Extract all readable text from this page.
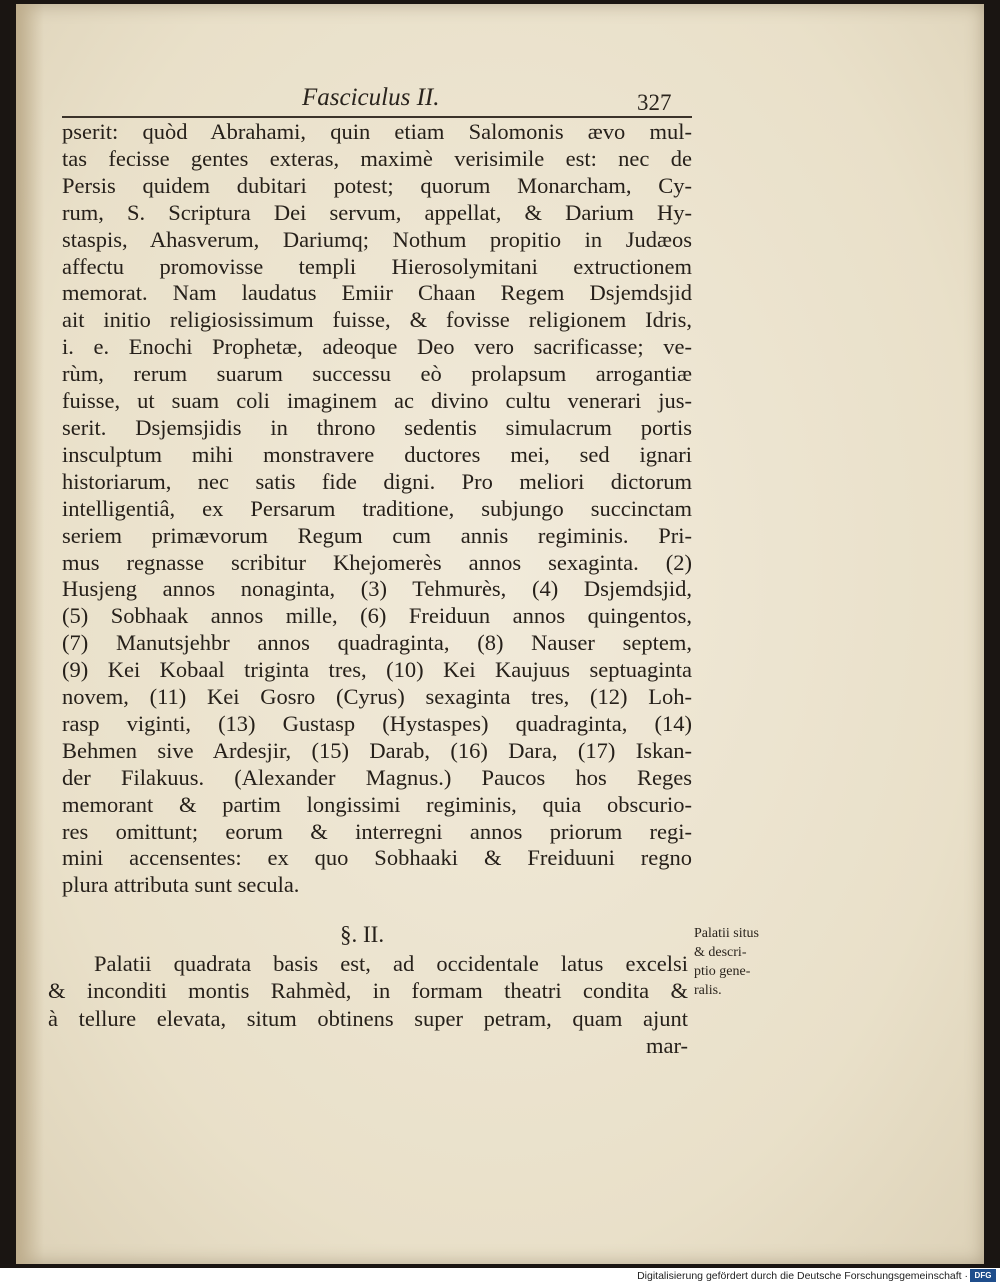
Fasciculus II.	327
pserit: quòd Abrahami, quin etiam Salomonis ævo mul-
tas fecisse gentes exteras, maximè verisimile est: nec de
Persis quidem dubitari potest; quorum Monarcham, Cy-
rum, S. Scriptura Dei servum, appellat, & Darium Hy-
staspis, Ahasverum, Dariumq; Nothum propitio in Judæos
affectu promovisse templi Hierosolymitani extructionem
memorat. Nam laudatus Emiir Chaan Regem Dsjemdsjid
ait initio religiosissimum fuisse, & fovisse religionem Idris,
i. e. Enochi Prophetæ, adeoque Deo vero sacrificasse; ve-
rùm, rerum suarum successu eò prolapsum arrogantiæ
fuisse, ut suam coli imaginem ac divino cultu venerari jus-
serit. Dsjemsjidis in throno sedentis simulacrum portis
insculptum mihi monstravere ductores mei, sed ignari
historiarum, nec satis fide digni. Pro meliori dictorum
intelligentiâ, ex Persarum traditione, subjungo succinctam
seriem primævorum Regum cum annis regiminis. Pri-
mus regnasse scribitur Khejomerès annos sexaginta. (2)
Husjeng annos nonaginta, (3) Tehmurès, (4) Dsjemdsjid,
(5) Sobhaak annos mille, (6) Freiduun annos quingentos,
(7) Manutsjehbr annos quadraginta, (8) Nauser septem,
(9) Kei Kobaal triginta tres, (10) Kei Kaujuus septuaginta
novem, (11) Kei Gosro (Cyrus) sexaginta tres, (12) Loh-
rasp viginti, (13) Gustasp (Hystaspes) quadraginta, (14)
Behmen sive Ardesjir, (15) Darab, (16) Dara, (17) Iskan-
der Filakuus. (Alexander Magnus.) Paucos hos Reges
memorant & partim longissimi regiminis, quia obscurio-
res omittunt; eorum & interregni annos priorum regi-
mini accensentes: ex quo Sobhaaki & Freiduuni regno
plura attributa sunt secula.
§. II.
Palatii quadrata basis est, ad occidentale latus excelsi
& inconditi montis Rahmèd, in formam theatri condita &
à tellure elevata, situm obtinens super petram, quam ajunt
mar-
Palatii situs
& descri-
ptio gene-
ralis.
Digitalisierung gefördert durch die Deutsche Forschungsgemeinschaft · DFG
